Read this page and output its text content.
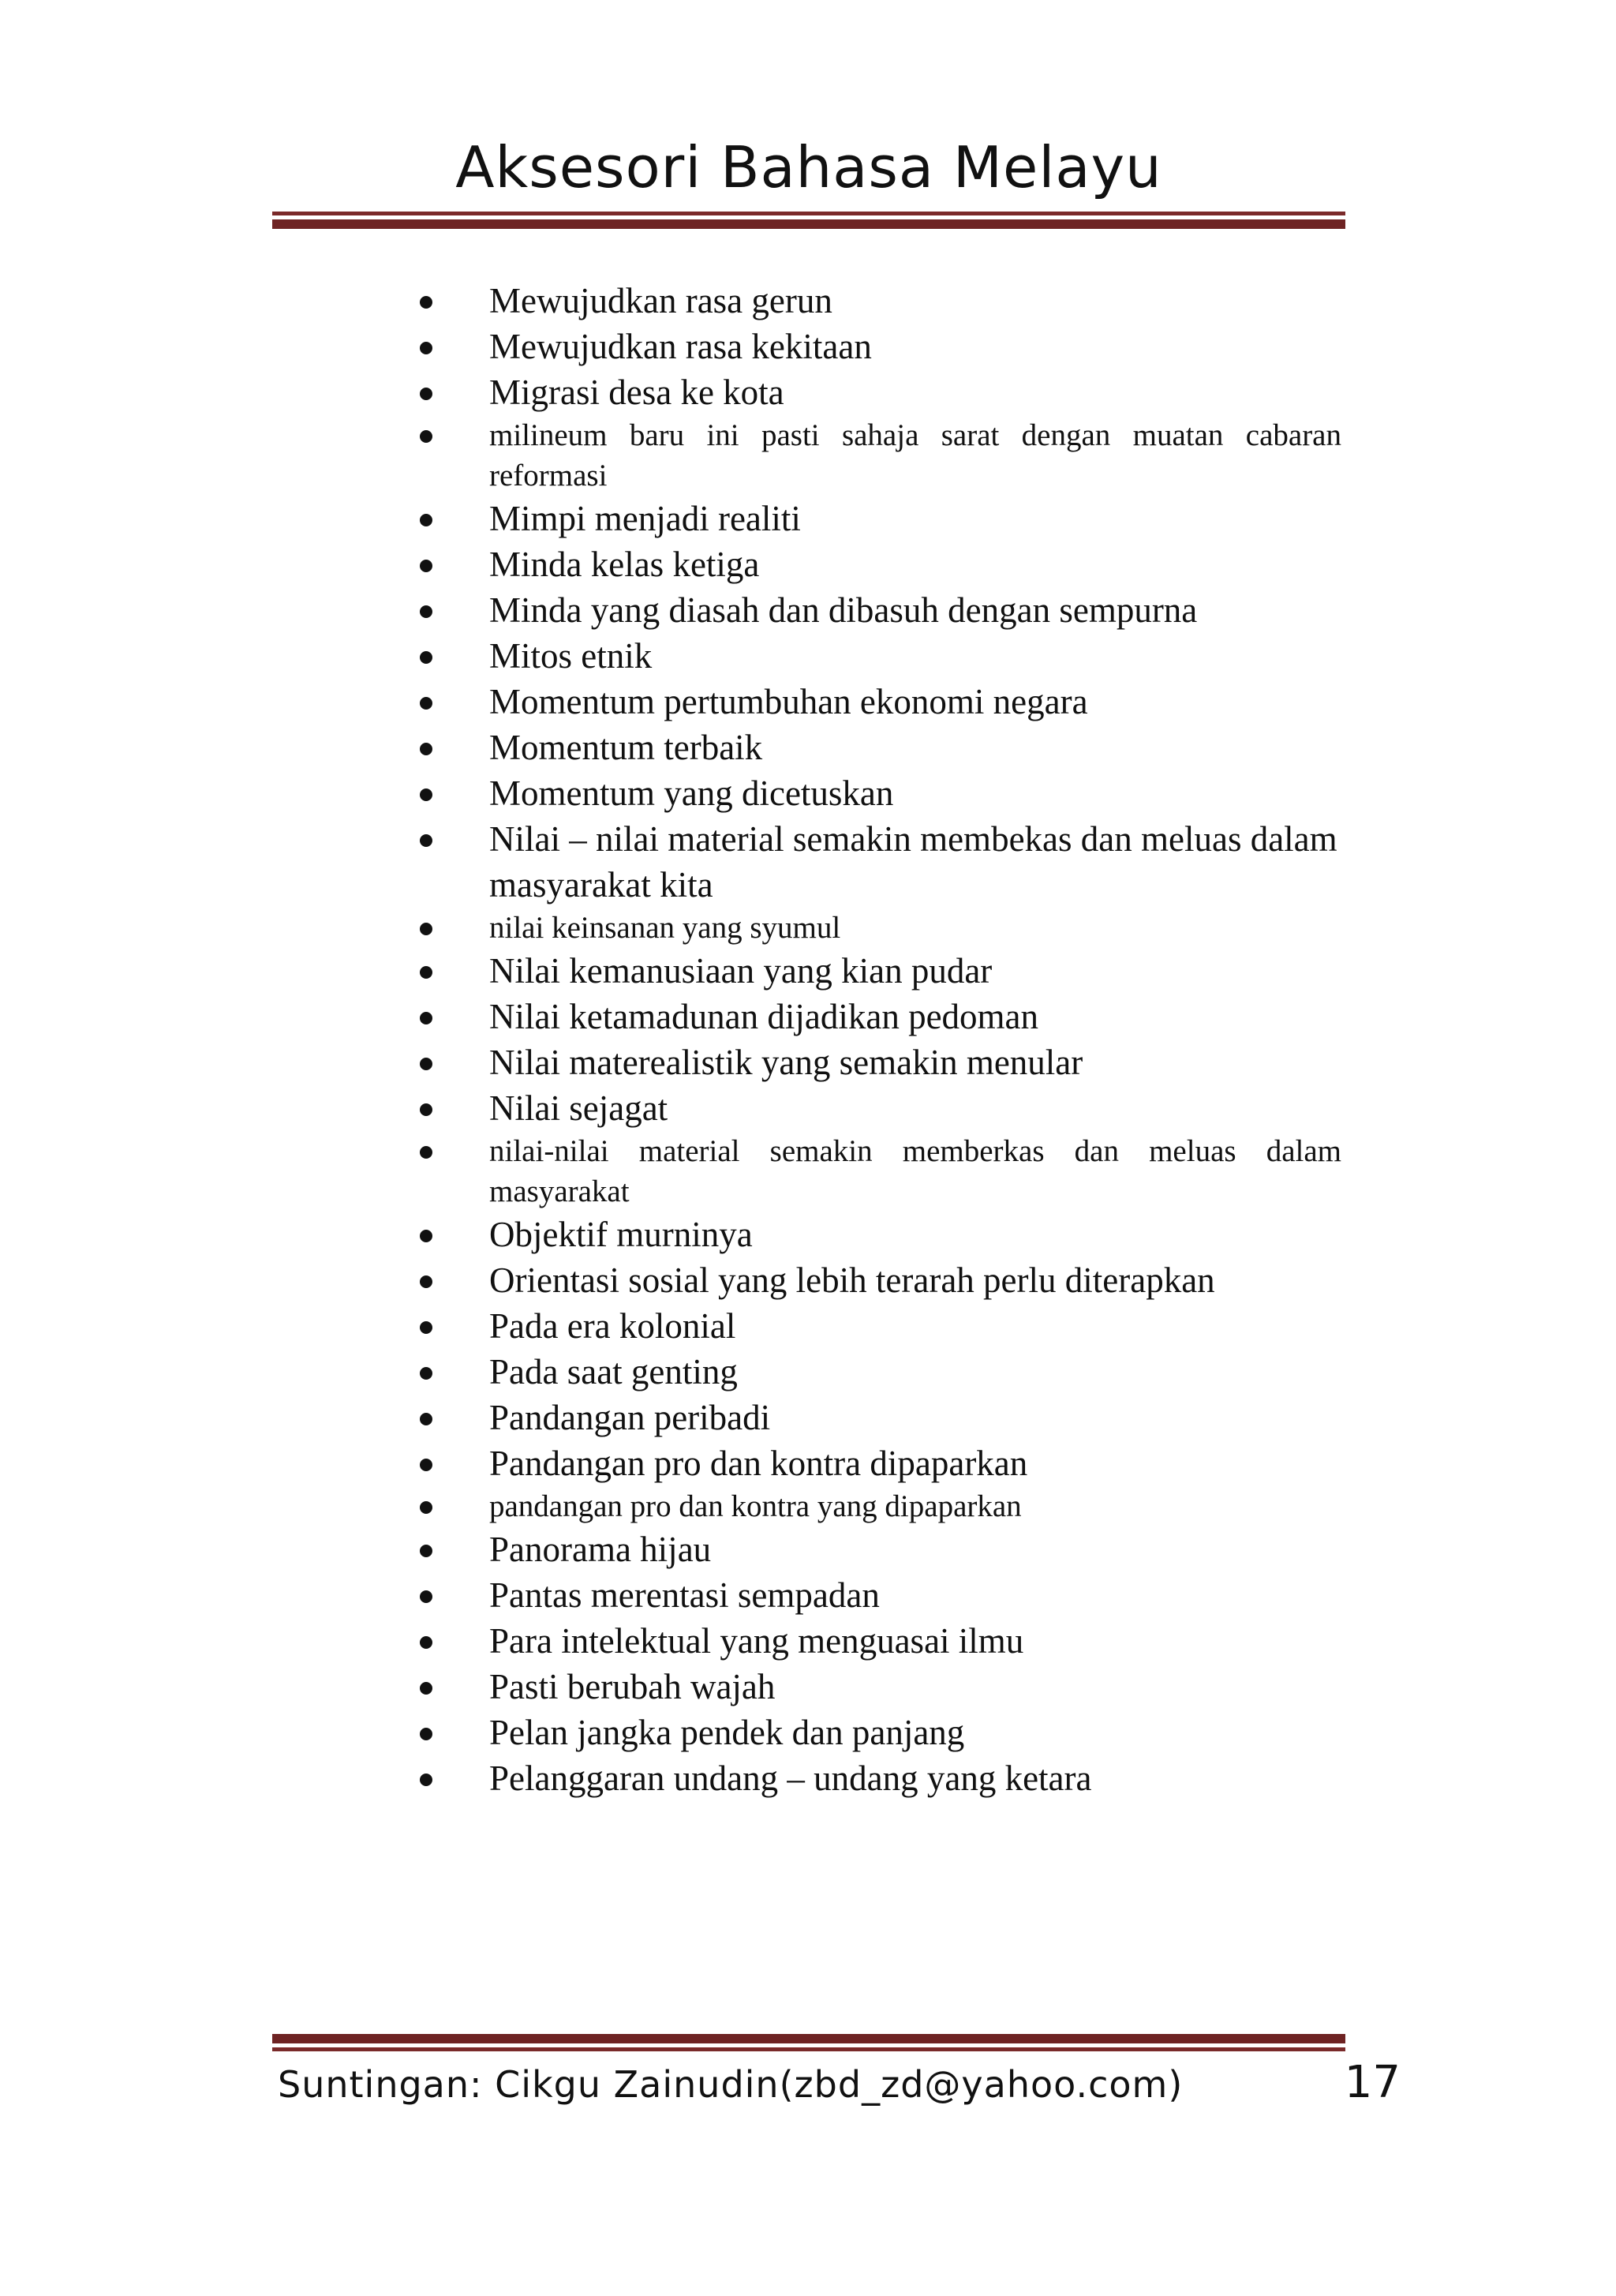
Aksesori Bahasa Melayu
Mewujudkan rasa gerun
Mewujudkan rasa kekitaan
Migrasi desa ke kota
milineum baru ini pasti sahaja sarat dengan muatan cabaran reformasi
Mimpi menjadi realiti
Minda kelas ketiga
Minda yang diasah dan dibasuh dengan sempurna
Mitos etnik
Momentum pertumbuhan ekonomi negara
Momentum terbaik
Momentum yang dicetuskan
Nilai – nilai material semakin membekas dan meluas dalam masyarakat kita
nilai keinsanan yang syumul
Nilai kemanusiaan yang kian pudar
Nilai ketamadunan dijadikan pedoman
Nilai materealistik yang semakin menular
Nilai sejagat
nilai-nilai material semakin memberkas dan meluas dalam masyarakat
Objektif murninya
Orientasi sosial yang lebih terarah perlu diterapkan
Pada era kolonial
Pada saat genting
Pandangan peribadi
Pandangan pro dan kontra dipaparkan
pandangan pro dan kontra yang dipaparkan
Panorama hijau
Pantas merentasi sempadan
Para intelektual yang menguasai ilmu
Pasti berubah wajah
Pelan jangka pendek dan panjang
Pelanggaran undang – undang yang ketara
Suntingan: Cikgu Zainudin(zbd_zd@yahoo.com)	17
